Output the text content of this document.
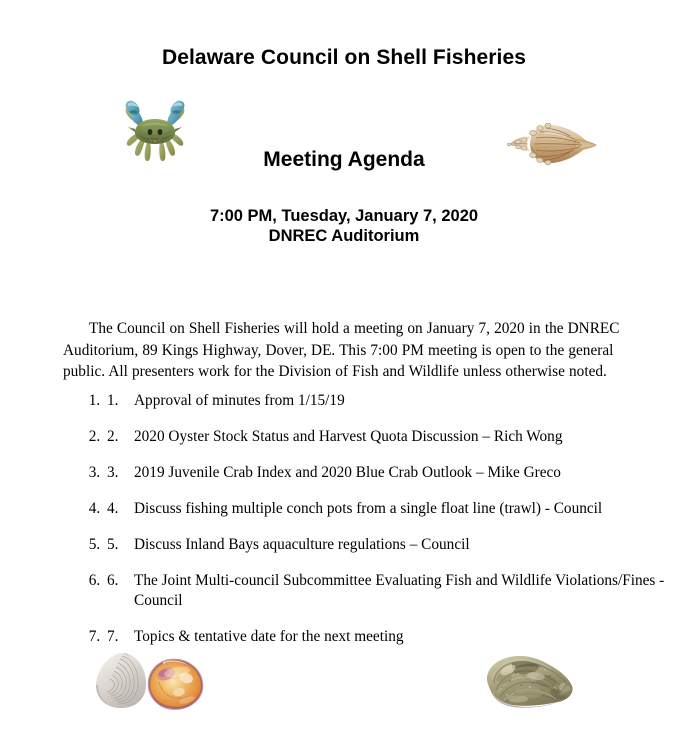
Delaware Council on Shell Fisheries
Meeting Agenda
7:00 PM, Tuesday, January 7, 2020
DNREC Auditorium

The Council on Shell Fisheries will hold a meeting on January 7, 2020 in the DNREC Auditorium, 89 Kings Highway, Dover, DE. This 7:00 PM meeting is open to the general public. All presenters work for the Division of Fish and Wildlife unless otherwise noted.

1. 1.	Approval of minutes from 1/15/19
2. 2.	2020 Oyster Stock Status and Harvest Quota Discussion – Rich Wong
3. 3.	2019 Juvenile Crab Index and 2020 Blue Crab Outlook – Mike Greco
4. 4.	Discuss fishing multiple conch pots from a single float line (trawl) - Council
5. 5.	Discuss Inland Bays aquaculture regulations – Council
6. 6.	The Joint Multi-council Subcommittee Evaluating Fish and Wildlife Violations/Fines - Council
7. 7.	Topics & tentative date for the next meeting
